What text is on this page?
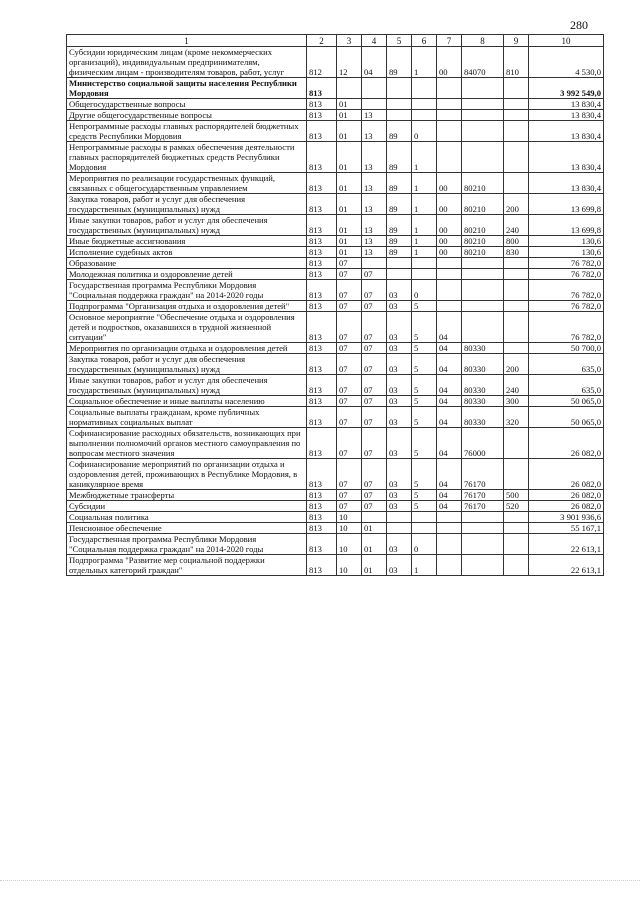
280
1	2	3	4	5	6	7	8	9	10
Субсидии юридическим лицам (кроме некоммерческих организаций), индивидуальным предпринимателям, физическим лицам - производителям товаров, работ, услуг	812	12	04	89	1	00	84070	810	4 530,0
Министерство социальной защиты населения Республики Мордовия	813								3 992 549,0
Общегосударственные вопросы	813	01							13 830,4
Другие общегосударственные вопросы	813	01	13						13 830,4
Непрограммные расходы главных распорядителей бюджетных средств Республики Мордовия	813	01	13	89	0				13 830,4
Непрограммные расходы в рамках обеспечения деятельности главных распорядителей бюджетных средств Республики Мордовия	813	01	13	89	1				13 830,4
Мероприятия по реализации государственных функций, связанных с общегосударственным управлением	813	01	13	89	1	00	80210		13 830,4
Закупка товаров, работ и услуг для обеспечения государственных (муниципальных) нужд	813	01	13	89	1	00	80210	200	13 699,8
Иные закупки товаров, работ и услуг для обеспечения государственных (муниципальных) нужд	813	01	13	89	1	00	80210	240	13 699,8
Иные бюджетные ассигнования	813	01	13	89	1	00	80210	800	130,6
Исполнение судебных актов	813	01	13	89	1	00	80210	830	130,6
Образование	813	07							76 782,0
Молодежная политика и оздоровление детей	813	07	07						76 782,0
Государственная программа Республики Мордовия "Социальная поддержка граждан" на 2014-2020 годы	813	07	07	03	0				76 782,0
Подпрограмма "Организация отдыха и оздоровления детей"	813	07	07	03	5				76 782,0
Основное мероприятие "Обеспечение отдыха и оздоровления детей и подростков, оказавшихся в трудной жизненной ситуации"	813	07	07	03	5	04			76 782,0
Мероприятия по организации отдыха и оздоровления детей	813	07	07	03	5	04	80330		50 700,0
Закупка товаров, работ и услуг для обеспечения государственных (муниципальных) нужд	813	07	07	03	5	04	80330	200	635,0
Иные закупки товаров, работ и услуг для обеспечения государственных (муниципальных) нужд	813	07	07	03	5	04	80330	240	635,0
Социальное обеспечение и иные выплаты населению	813	07	07	03	5	04	80330	300	50 065,0
Социальные выплаты гражданам, кроме публичных нормативных социальных выплат	813	07	07	03	5	04	80330	320	50 065,0
Софинансирование расходных обязательств, возникающих при выполнении полномочий органов местного самоуправления по вопросам местного значения	813	07	07	03	5	04	76000		26 082,0
Софинансирование мероприятий по организации отдыха и оздоровления детей, проживающих в Республике Мордовия, в каникулярное время	813	07	07	03	5	04	76170		26 082,0
Межбюджетные трансферты	813	07	07	03	5	04	76170	500	26 082,0
Субсидии	813	07	07	03	5	04	76170	520	26 082,0
Социальная политика	813	10							3 901 936,6
Пенсионное обеспечение	813	10	01						55 167,1
Государственная программа Республики Мордовия "Социальная поддержка граждан" на 2014-2020 годы	813	10	01	03	0				22 613,1
Подпрограмма "Развитие мер социальной поддержки отдельных категорий граждан"	813	10	01	03	1				22 613,1
